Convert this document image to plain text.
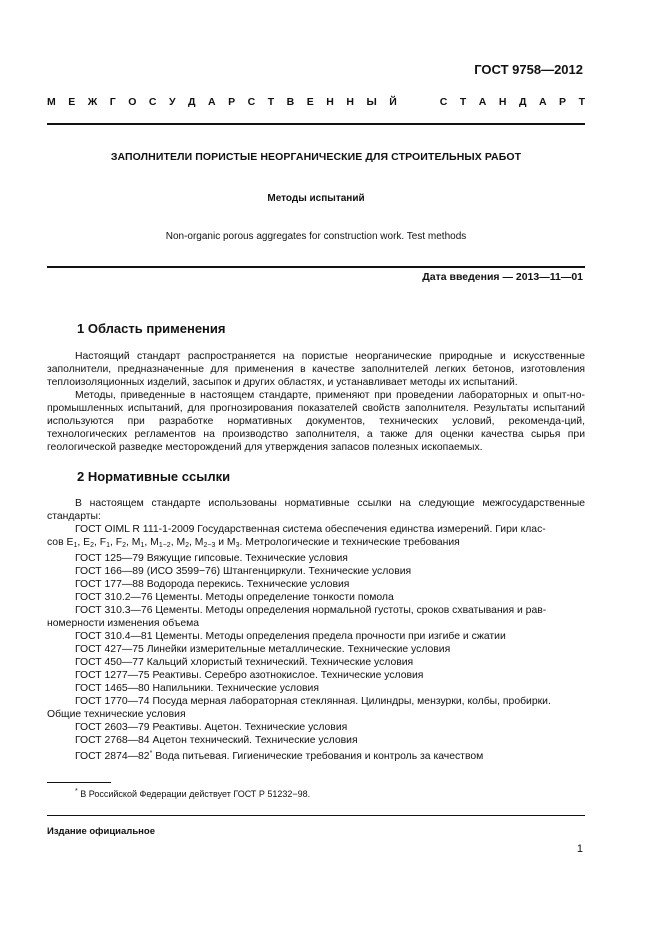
ГОСТ 9758—2012
М Е Ж Г О С У Д А Р С Т В Е Н Н Ы Й	С Т А Н Д А Р Т
ЗАПОЛНИТЕЛИ ПОРИСТЫЕ НЕОРГАНИЧЕСКИЕ ДЛЯ СТРОИТЕЛЬНЫХ РАБОТ
Методы испытаний
Non-organic porous aggregates for construction work. Test methods
Дата введения — 2013—11—01
1 Область применения

Настоящий стандарт распространяется на пористые неорганические природные и искусственные заполнители, предназначенные для применения в качестве заполнителей легких бетонов, изготовления теплоизоляционных изделий, засыпок и других областях, и устанавливает методы их испытаний.

Методы, приведенные в настоящем стандарте, применяют при проведении лабораторных и опыт-но-промышленных испытаний, для прогнозирования показателей свойств заполнителя. Результаты испытаний используются при разработке нормативных документов, технических условий, рекоменда-ций, технологических регламентов на производство заполнителя, а также для оценки качества сырья при геологической разведке месторождений для утверждения запасов полезных ископаемых.

2 Нормативные ссылки

В настоящем стандарте использованы нормативные ссылки на следующие межгосударственные стандарты:

ГОСТ OIML R 111-1-2009 Государственная система обеспечения единства измерений. Гири клас-

сов $E_1$, $E_2$, $F_1$, $F_2$, $M_1$, $M_{1-2}$, $M_2$, $M_{2-3}$ и $M_3$. Метрологические и технические требования

ГОСТ 125—79 Вяжущие гипсовые. Технические условия

ГОСТ 166—89 (ИСО 3599−76) Штангенциркули. Технические условия

ГОСТ 177—88 Водорода перекись. Технические условия

ГОСТ 310.2—76 Цементы. Методы определение тонкости помола

ГОСТ 310.3—76 Цементы. Методы определения нормальной густоты, сроков схватывания и рав-

номерности изменения объема

ГОСТ 310.4—81 Цементы. Методы определения предела прочности при изгибе и сжатии

ГОСТ 427—75 Линейки измерительные металлические. Технические условия

ГОСТ 450—77 Кальций хлористый технический. Технические условия

ГОСТ 1277—75 Реактивы. Серебро азотнокислое. Технические условия

ГОСТ 1465—80 Напильники. Технические условия

ГОСТ 1770—74 Посуда мерная лабораторная стеклянная. Цилиндры, мензурки, колбы, пробирки.

Общие технические условия

ГОСТ 2603—79 Реактивы. Ацетон. Технические условия

ГОСТ 2768—84 Ацетон технический. Технические условия

ГОСТ 2874—82* Вода питьевая. Гигиенические требования и контроль за качеством

* В Российской Федерации действует ГОСТ Р 51232−98.
Издание официальное
1
